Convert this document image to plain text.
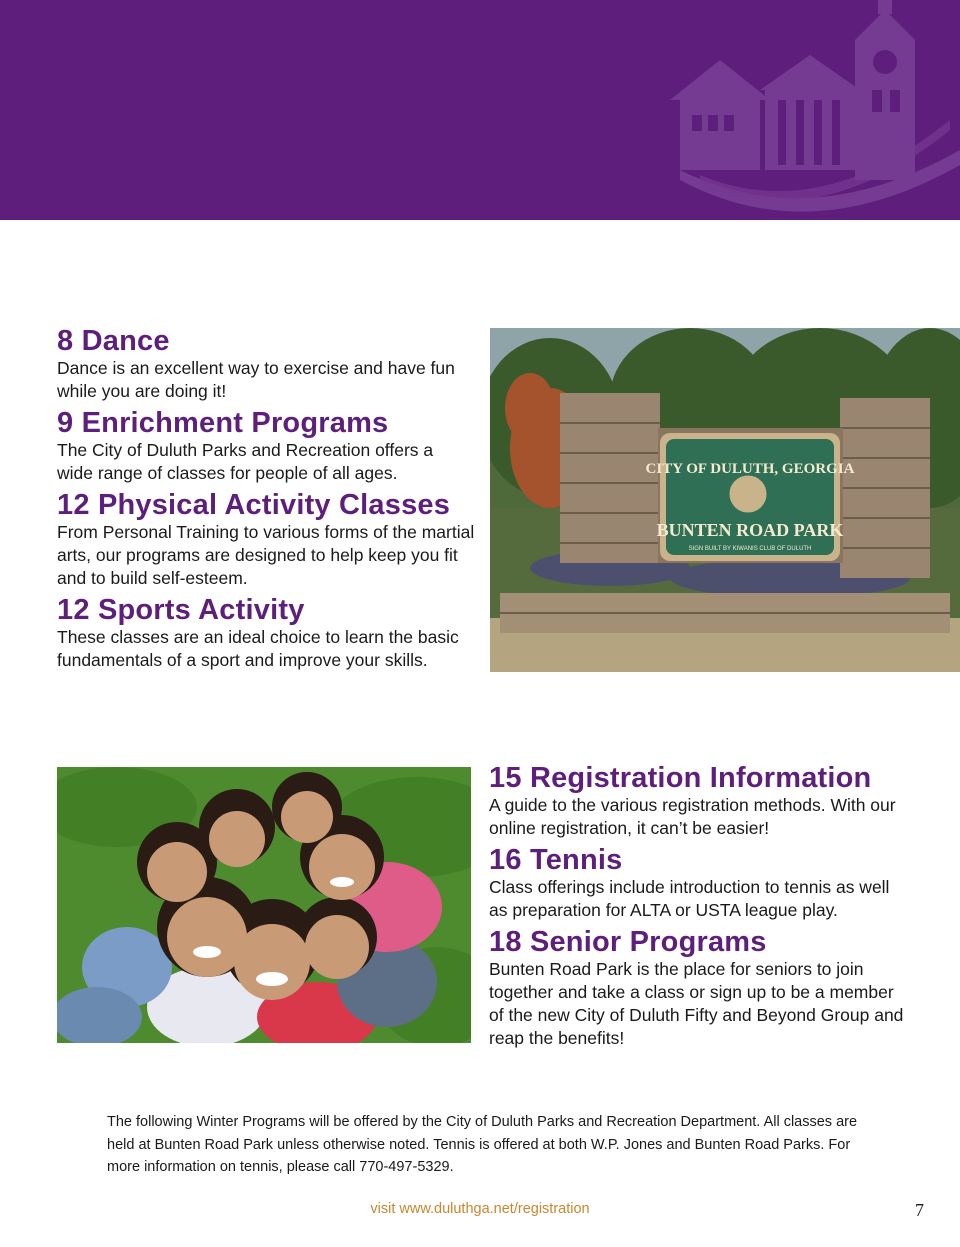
8 Dance

Dance is an excellent way to exercise and have fun while you are doing it!

9 Enrichment Programs

The City of Duluth Parks and Recreation offers a wide range of classes for people of all ages.

12 Physical Activity Classes

From Personal Training to various forms of the martial arts, our programs are designed to help keep you fit and to build self-esteem.

12 Sports Activity

These classes are an ideal choice to learn the basic fundamentals of a sport and improve your skills.

CITY OF DULUTH, GEORGIA
BUNTEN ROAD PARK
SIGN BUILT BY KIWANIS CLUB OF DULUTH
15 Registration Information

A guide to the various registration methods. With our online registration, it can’t be easier!

16 Tennis

Class offerings include introduction to tennis as well as preparation for ALTA or USTA league play.

18 Senior Programs

Bunten Road Park is the place for seniors to join together and take a class or sign up to be a member of the new City of Duluth Fifty and Beyond Group and reap the benefits!

The following Winter Programs will be offered by the City of Duluth Parks and Recreation Department. All classes are held at Bunten Road Park unless otherwise noted. Tennis is offered at both W.P. Jones and Bunten Road Parks. For more information on tennis, please call 770-497-5329.

visit www.duluthga.net/registration	7
